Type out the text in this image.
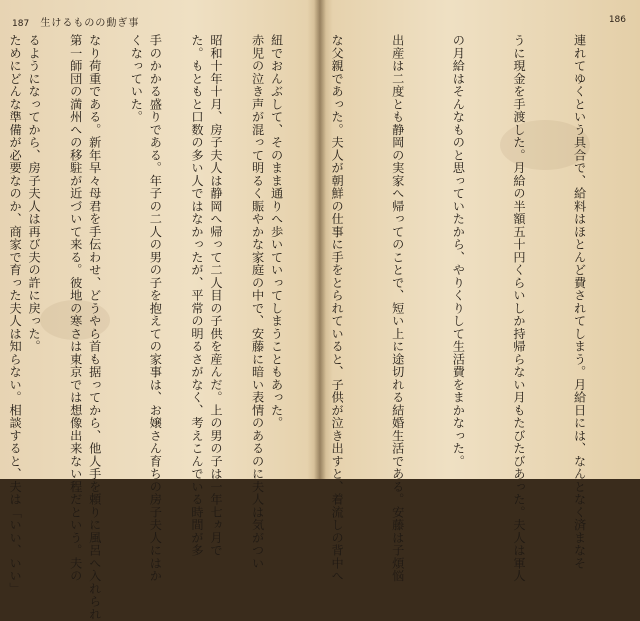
187 生けるものの動ぎ事

赤児の泣き声が混って明るく賑やかな家庭の中で、安藤に暗い表情のあるのに夫人は気がつい

た。もともと口数の多い人ではなかったが、平常の明るさがなく、考えこんでいる時間が多

くなっていた。

第一師団の満州への移駐が近づいて来る。彼地の寒さは東京では想像出来ない程だという。夫の

ためにどんな準備が必要なのか、商家で育った夫人は知らない。相談すると、夫は「いい、いい」

186

連れてゆくという具合で、給料はほとんど費されてしまう。月給日には、なんとなく済まなそ

うに現金を手渡した。月給の半額五十円くらいしか持帰らない月もたびたびあった。夫人は軍人

の月給はそんなものと思っていたから、やりくりして生活費をまかなった。

出産は二度とも静岡の実家へ帰ってのことで、短い上に途切れる結婚生活である。安藤は子煩悩

な父親であった。夫人が朝鮮の仕事に手をとられていると、子供が泣き出すと、着流しの背中へ

紐でおんぶして、そのまま通りへ歩いていってしまうこともあった。

昭和十年十月、房子夫人は静岡へ帰って二人目の子供を産んだ。上の男の子は一年七ヵ月で

手のかかる盛りである。年子の二人の男の子を抱えての家事は、お嬢さん育ちの房子夫人にはか

なり荷重である。新年早々母君を手伝わせ、どうやら首も据ってから、他人手を頼りに風呂へ入れられ

るようになってから、房子夫人は再び夫の許に戻った。
